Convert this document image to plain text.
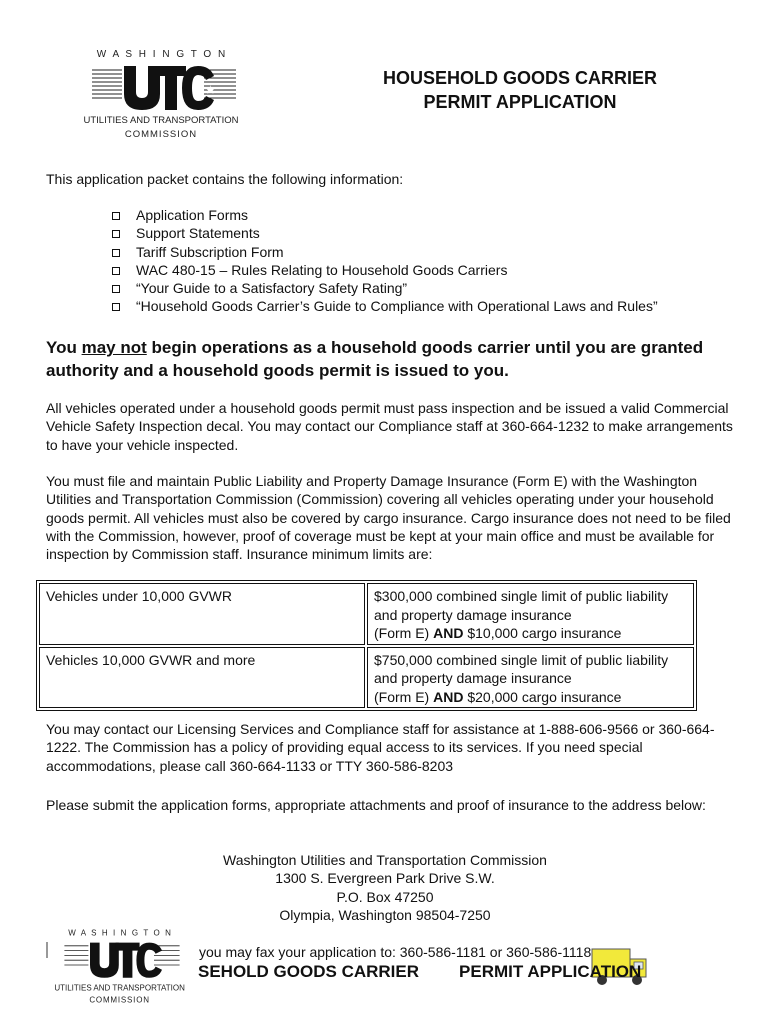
W A S H I N G T O N
★
UTILITIES AND TRANSPORTATION
COMMISSION
HOUSEHOLD GOODS CARRIER
PERMIT APPLICATION
This application packet contains the following information:
Application Forms
Support Statements
Tariff Subscription Form
WAC 480-15 – Rules Relating to Household Goods Carriers
“Your Guide to a Satisfactory Safety Rating”
“Household Goods Carrier’s Guide to Compliance with Operational Laws and Rules”
You may not begin operations as a household goods carrier until you are granted authority and a household goods permit is issued to you.
All vehicles operated under a household goods permit must pass inspection and be issued a valid Commercial Vehicle Safety Inspection decal. You may contact our Compliance staff at 360-664-1232 to make arrangements to have your vehicle inspected.
You must file and maintain Public Liability and Property Damage Insurance (Form E) with the Washington Utilities and Transportation Commission (Commission) covering all vehicles operating under your household goods permit. All vehicles must also be covered by cargo insurance. Cargo insurance does not need to be filed with the Commission, however, proof of coverage must be kept at your main office and must be available for inspection by Commission staff. Insurance minimum limits are:
Vehicles under 10,000 GVWR	$300,000 combined single limit of public liability
and property damage insurance
(Form E) AND $10,000 cargo insurance

Vehicles 10,000 GVWR and more	$750,000 combined single limit of public liability
and property damage insurance
(Form E) AND $20,000 cargo insurance
You may contact our Licensing Services and Compliance staff for assistance at 1-888-606-9566 or 360-664-1222. The Commission has a policy of providing equal access to its services. If you need special accommodations, please call 360-664-1133 or TTY 360-586-8203
Please submit the application forms, appropriate attachments and proof of insurance to the address below:
Washington Utilities and Transportation Commission
1300 S. Evergreen Park Drive S.W.
P.O. Box 47250
Olympia, Washington 98504-7250
W A S H I N G T O N
UTILITIES AND TRANSPORTATION
COMMISSION
you may fax your application to: 360-586-1181 or 360-586-1118
SEHOLD GOODS CARRIER PERMIT APPLICATION
